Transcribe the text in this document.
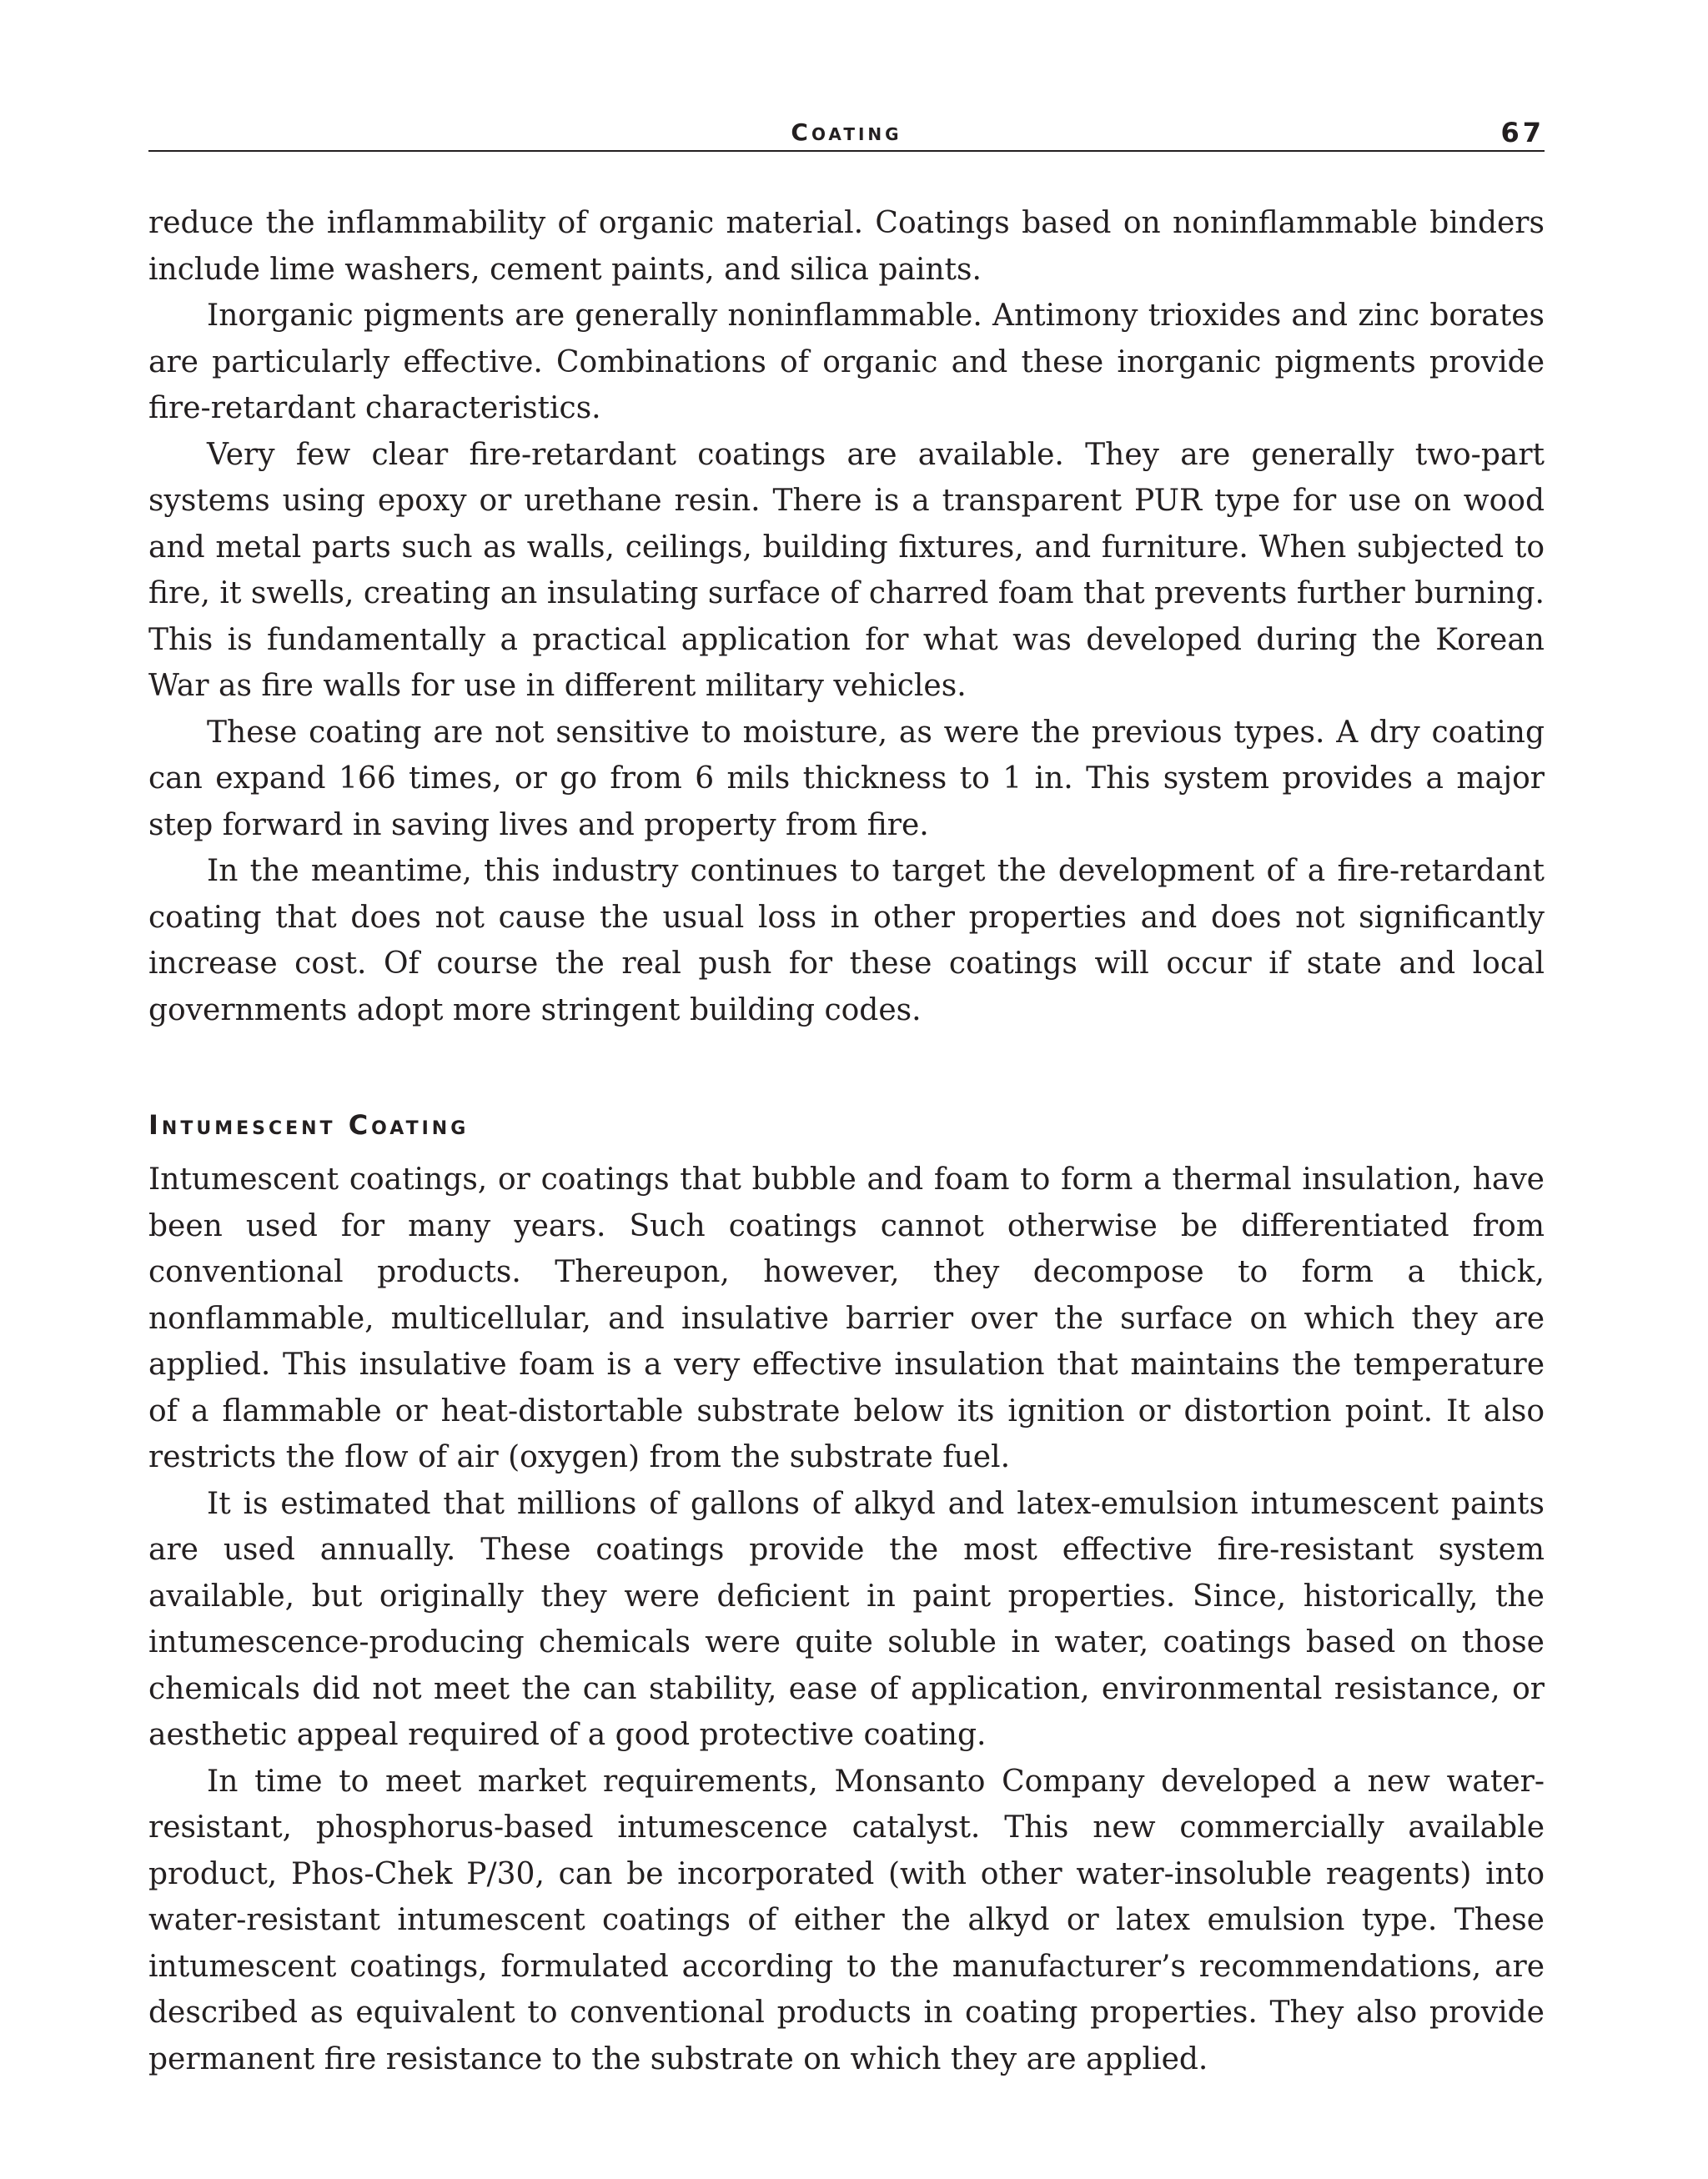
Coating	67

reduce the inflammability of organic material. Coatings based on noninflammable binders include lime washers, cement paints, and silica paints.

Inorganic pigments are generally noninflammable. Antimony trioxides and zinc borates are particularly effective. Combinations of organic and these inorganic pigments provide fire-retardant characteristics.

Very few clear fire-retardant coatings are available. They are generally two-part systems using epoxy or urethane resin. There is a transparent PUR type for use on wood and metal parts such as walls, ceilings, building fixtures, and furniture. When subjected to fire, it swells, creating an insulating surface of charred foam that prevents further burning. This is fundamentally a practical application for what was developed during the Korean War as fire walls for use in different military vehicles.

These coating are not sensitive to moisture, as were the previous types. A dry coating can expand 166 times, or go from 6 mils thickness to 1 in. This system provides a major step forward in saving lives and property from fire.

In the meantime, this industry continues to target the development of a fire-retardant coating that does not cause the usual loss in other properties and does not significantly increase cost. Of course the real push for these coatings will occur if state and local governments adopt more stringent building codes.

Intumescent Coating

Intumescent coatings, or coatings that bubble and foam to form a thermal insulation, have been used for many years. Such coatings cannot otherwise be differentiated from conventional products. Thereupon, however, they decompose to form a thick, nonflammable, multicellular, and insulative barrier over the surface on which they are applied. This insulative foam is a very effective insulation that maintains the temperature of a flammable or heat-distortable substrate below its ignition or distortion point. It also restricts the flow of air (oxygen) from the substrate fuel.

It is estimated that millions of gallons of alkyd and latex-emulsion intumescent paints are used annually. These coatings provide the most effective fire-resistant system available, but originally they were deficient in paint properties. Since, historically, the intumescence-producing chemicals were quite soluble in water, coatings based on those chemicals did not meet the can stability, ease of application, environmental resistance, or aesthetic appeal required of a good protective coating.

In time to meet market requirements, Monsanto Company developed a new water-resistant, phosphorus-based intumescence catalyst. This new commercially available product, Phos-Chek P/30, can be incorporated (with other water-insoluble reagents) into water-resistant intumescent coatings of either the alkyd or latex emulsion type. These intumescent coatings, formulated according to the manufacturer’s recommendations, are described as equivalent to conventional products in coating properties. They also provide permanent fire resistance to the substrate on which they are applied.
